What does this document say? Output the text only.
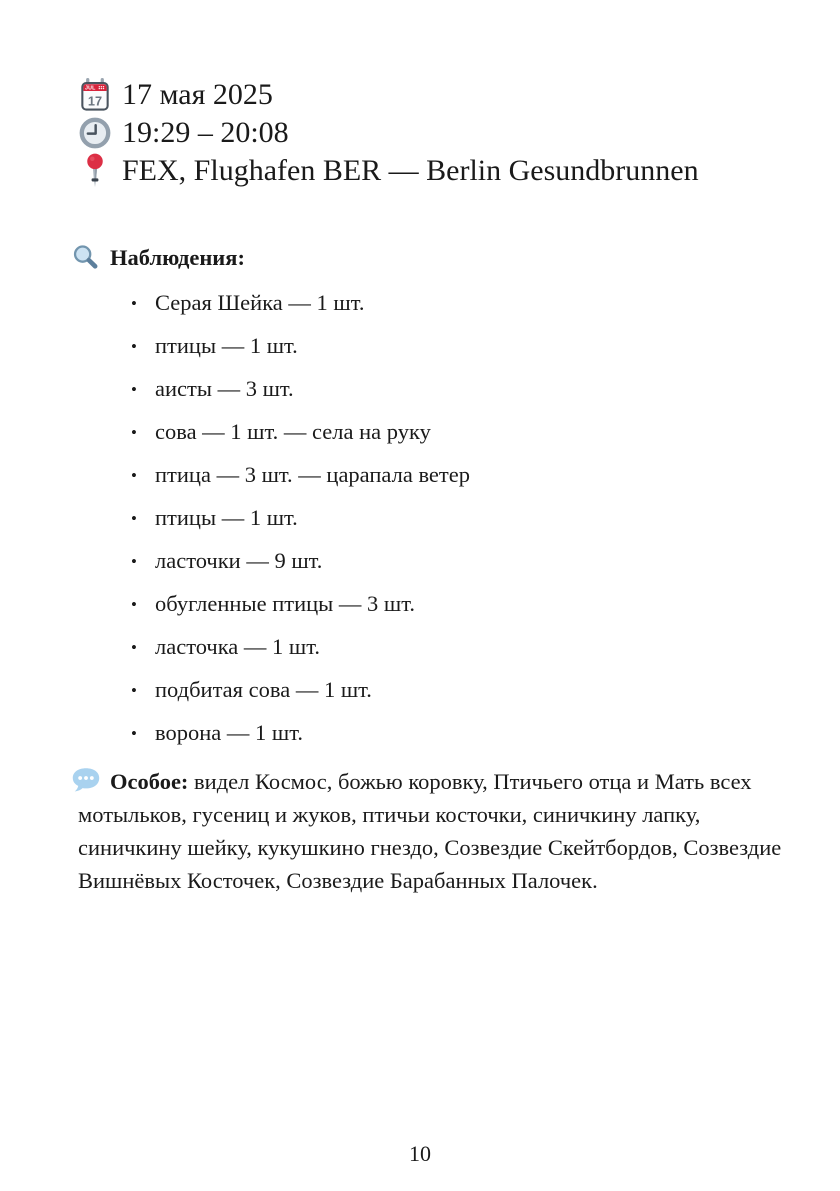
JUL
17 17 мая 2025
19:29 – 20:08
FEX, Flughafen BER — Berlin Gesundbrunnen
Наблюдения:
• Серая Шейка — 1 шт.
• птицы — 1 шт.
• аисты — 3 шт.
• сова — 1 шт. — села на руку
• птица — 3 шт. — царапала ветер
• птицы — 1 шт.
• ласточки — 9 шт.
• обугленные птицы — 3 шт.
• ласточка — 1 шт.
• подбитая сова — 1 шт.
• ворона — 1 шт.

Особое: видел Космос, божью коровку, Птичьего отца и Мать всех мотыльков, гусениц и жуков, птичьи косточки, синичкину лапку, синичкину шейку, кукушкино гнездо, Созвездие Скейтбордов, Созвездие Вишнёвых Косточек, Созвездие Барабанных Палочек.

10
